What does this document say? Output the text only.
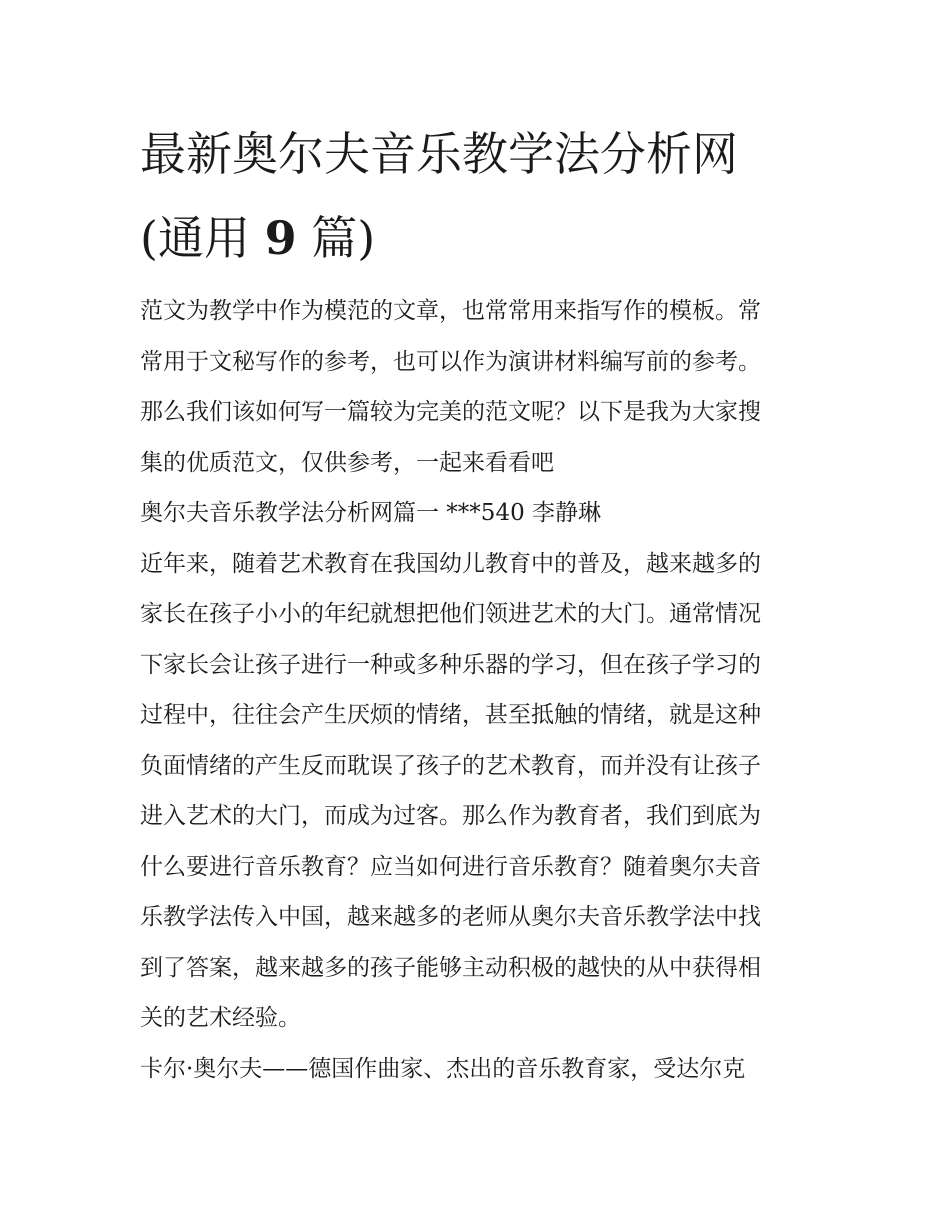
最新奥尔夫音乐教学法分析网
(通用 9 篇)

范文为教学中作为模范的文章，也常常用来指写作的模板。常
常用于文秘写作的参考，也可以作为演讲材料编写前的参考。
那么我们该如何写一篇较为完美的范文呢？以下是我为大家搜
集的优质范文，仅供参考，一起来看看吧

奥尔夫音乐教学法分析网篇一 ***540 李静琳

近年来，随着艺术教育在我国幼儿教育中的普及，越来越多的
家长在孩子小小的年纪就想把他们领进艺术的大门。通常情况
下家长会让孩子进行一种或多种乐器的学习，但在孩子学习的
过程中，往往会产生厌烦的情绪，甚至抵触的情绪，就是这种
负面情绪的产生反而耽误了孩子的艺术教育，而并没有让孩子
进入艺术的大门，而成为过客。那么作为教育者，我们到底为
什么要进行音乐教育？应当如何进行音乐教育？随着奥尔夫音
乐教学法传入中国，越来越多的老师从奥尔夫音乐教学法中找
到了答案，越来越多的孩子能够主动积极的越快的从中获得相
关的艺术经验。

卡尔·奥尔夫——德国作曲家、杰出的音乐教育家，受达尔克
